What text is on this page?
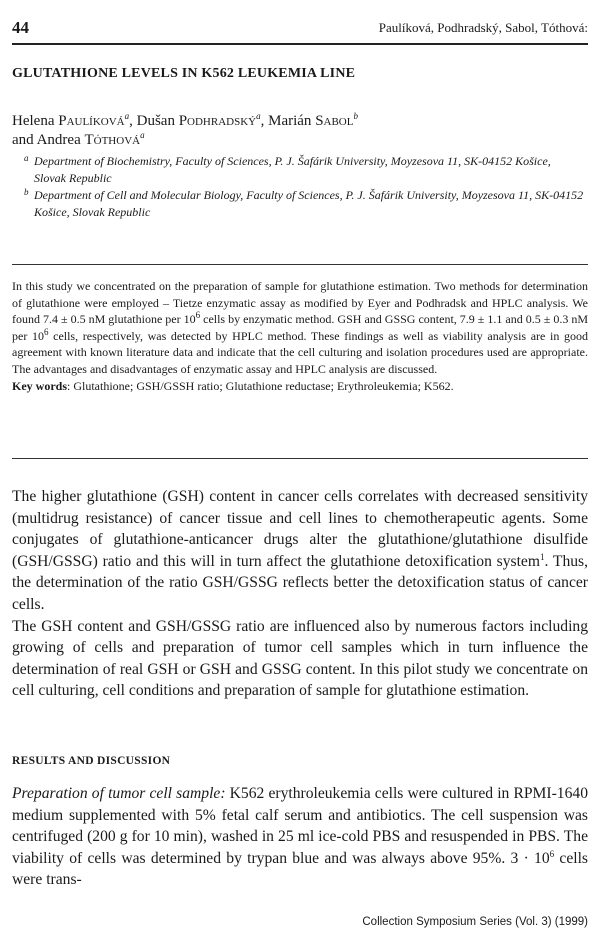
44	Paulíková, Podhradský, Sabol, Tóthová:
GLUTATHIONE LEVELS IN K562 LEUKEMIA LINE
Helena Paulíková$^a$, Dušan Podhradský$^a$, Marián Sabol$^b$
and Andrea Tóthová$^a$
a Department of Biochemistry, Faculty of Sciences, P. J. Šafárik University, Moyzesova 11, SK-04152 Košice, Slovak Republic
b Department of Cell and Molecular Biology, Faculty of Sciences, P. J. Šafárik University, Moyzesova 11, SK-04152 Košice, Slovak Republic
In this study we concentrated on the preparation of sample for glutathione estimation. Two methods for determination of glutathione were employed – Tietze enzymatic assay as modified by Eyer and Podhradsk and HPLC analysis. We found 7.4 ± 0.5 nM glutathione per $10^6$ cells by enzymatic method. GSH and GSSG content, 7.9 ± 1.1 and 0.5 ± 0.3 nM per $10^6$ cells, respectively, was detected by HPLC method. These findings as well as viability analysis are in good agreement with known literature data and indicate that the cell culturing and isolation procedures used are appropriate. The advantages and disadvantages of enzymatic assay and HPLC analysis are discussed.
Key words: Glutathione; GSH/GSSH ratio; Glutathione reductase; Erythroleukemia; K562.

The higher glutathione (GSH) content in cancer cells correlates with decreased sensitivity (multidrug resistance) of cancer tissue and cell lines to chemotherapeutic agents. Some conjugates of glutathione-anticancer drugs alter the glutathione/glutathione disulfide (GSH/GSSG) ratio and this will in turn affect the glutathione detoxification system$^1$. Thus, the determination of the ratio GSH/GSSG reflects better the detoxification status of cancer cells.

The GSH content and GSH/GSSG ratio are influenced also by numerous factors including growing of cells and preparation of tumor cell samples which in turn influence the determination of real GSH or GSH and GSSG content. In this pilot study we concentrate on cell culturing, cell conditions and preparation of sample for glutathione estimation.

RESULTS AND DISCUSSION
Preparation of tumor cell sample: K562 erythroleukemia cells were cultured in RPMI-1640 medium supplemented with 5% fetal calf serum and antibiotics. The cell suspension was centrifuged (200 g for 10 min), washed in 25 ml ice-cold PBS and resuspended in PBS. The viability of cells was determined by trypan blue and was always above 95%. $3 \cdot 10^6$ cells were trans-
Collection Symposium Series (Vol. 3) (1999)
